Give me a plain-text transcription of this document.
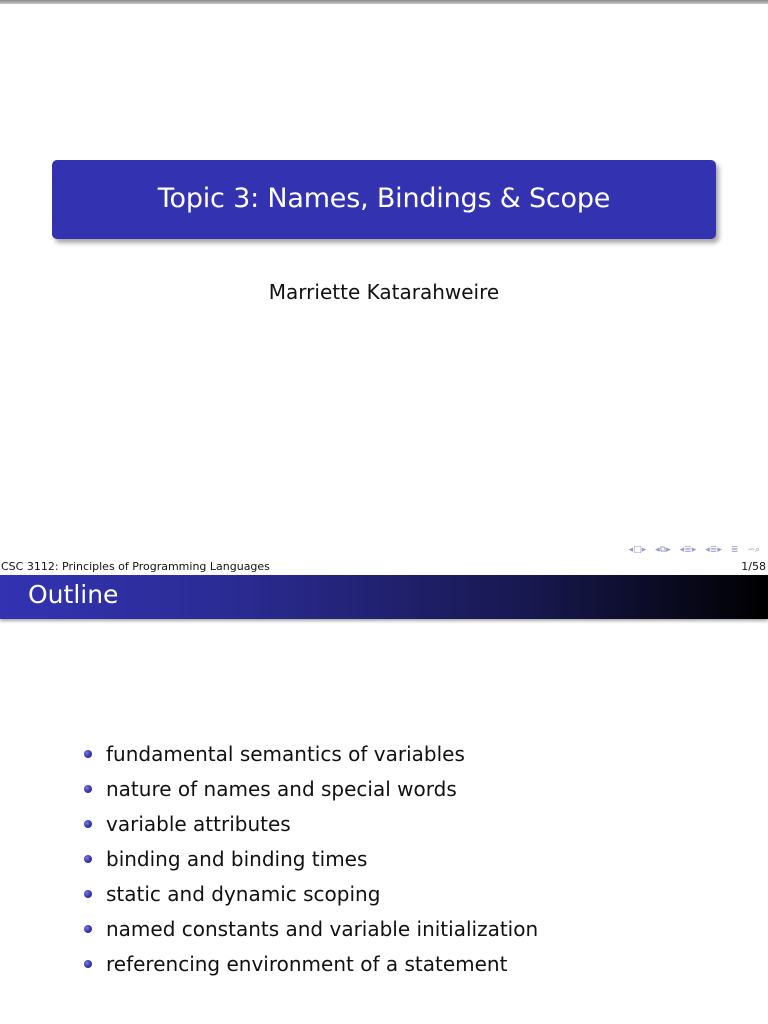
Topic 3: Names, Bindings & Scope
Marriette Katarahweire
◂ □ ▸ ◂ ⧉ ▸ ◂ ≣ ▸ ◂ ≣ ▸ ≣ ∽ ⌕
CSC 3112: Principles of Programming Languages	1/58
Outline
fundamental semantics of variables
nature of names and special words
variable attributes
binding and binding times
static and dynamic scoping
named constants and variable initialization
referencing environment of a statement
